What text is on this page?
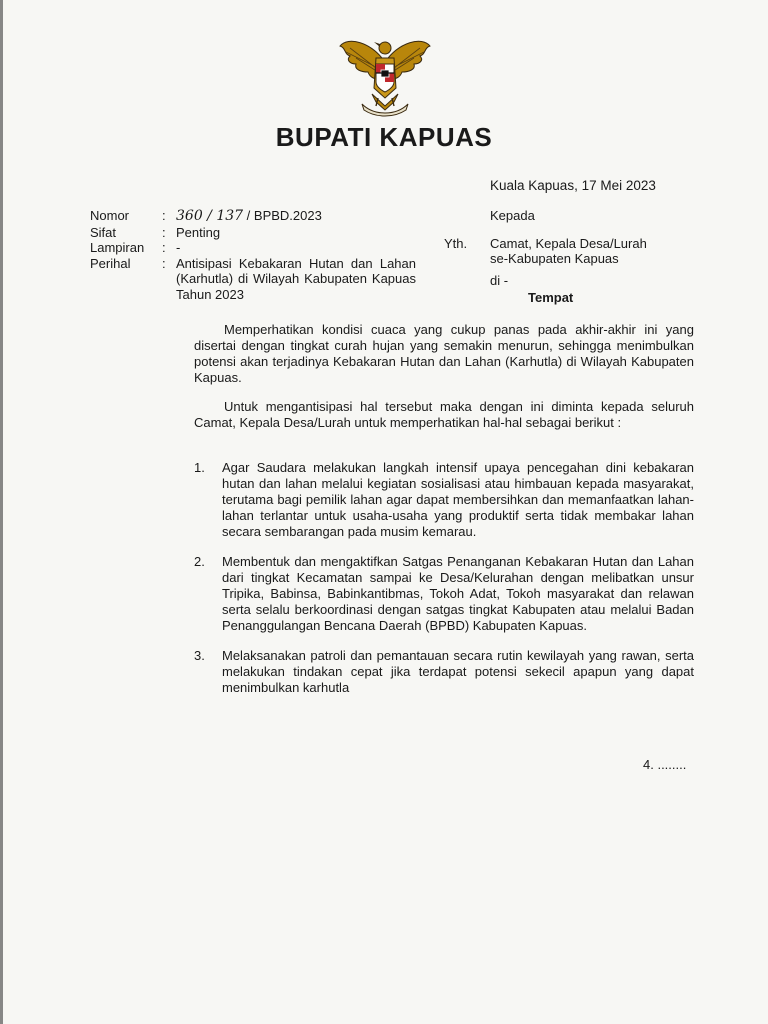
BUPATI KAPUAS
Kuala Kapuas, 17 Mei 2023
Nomor	: 360 / 137 / BPBD.2023
Sifat	: Penting
Lampiran	: -
Perihal	: Antisipasi Kebakaran Hutan dan Lahan (Karhutla) di Wilayah Kabupaten Kapuas Tahun 2023
Kepada
Yth.	Camat, Kepala Desa/Lurah
se-Kabupaten Kapuas
di -
Tempat

Memperhatikan kondisi cuaca yang cukup panas pada akhir-akhir ini yang disertai dengan tingkat curah hujan yang semakin menurun, sehingga menimbulkan potensi akan terjadinya Kebakaran Hutan dan Lahan (Karhutla) di Wilayah Kabupaten Kapuas.

Untuk mengantisipasi hal tersebut maka dengan ini diminta kepada seluruh Camat, Kepala Desa/Lurah untuk memperhatikan hal-hal sebagai berikut :

1.	Agar Saudara melakukan langkah intensif upaya pencegahan dini kebakaran hutan dan lahan melalui kegiatan sosialisasi atau himbauan kepada masyarakat, terutama bagi pemilik lahan agar dapat membersihkan dan memanfaatkan lahan-lahan terlantar untuk usaha-usaha yang produktif serta tidak membakar lahan secara sembarangan pada musim kemarau.
2.	Membentuk dan mengaktifkan Satgas Penanganan Kebakaran Hutan dan Lahan dari tingkat Kecamatan sampai ke Desa/Kelurahan dengan melibatkan unsur Tripika, Babinsa, Babinkantibmas, Tokoh Adat, Tokoh masyarakat dan relawan serta selalu berkoordinasi dengan satgas tingkat Kabupaten atau melalui Badan Penanggulangan Bencana Daerah (BPBD) Kabupaten Kapuas.
3.	Melaksanakan patroli dan pemantauan secara rutin kewilayah yang rawan, serta melakukan tindakan cepat jika terdapat potensi sekecil apapun yang dapat menimbulkan karhutla
4. ........
